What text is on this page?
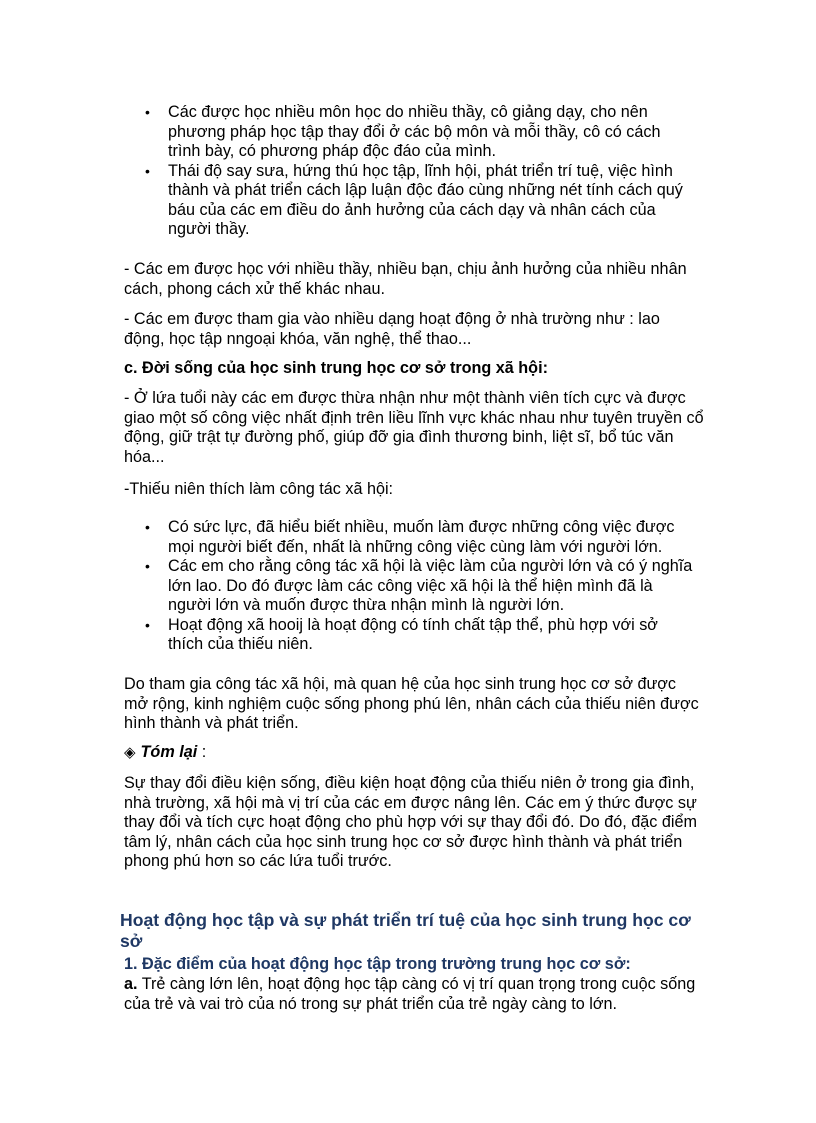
• Các được học nhiều môn học do nhiều thầy, cô giảng dạy, cho nên phương pháp học tập thay đổi ở các bộ môn và mỗi thầy, cô có cách trình bày, có phương pháp độc đáo của mình.
• Thái độ say sưa, hứng thú học tập, lĩnh hội, phát triển trí tuệ, việc hình thành và phát triển cách lập luận độc đáo cùng những nét tính cách quý báu của các em điều do ảnh hưởng của cách dạy và nhân cách của người thầy.
- Các em được học với nhiều thầy, nhiều bạn, chịu ảnh hưởng của nhiều nhân cách, phong cách xử thế khác nhau.
- Các em được tham gia vào nhiều dạng hoạt động ở nhà trường như : lao động, học tập nngoại khóa, văn nghệ, thể thao...
c. Đời sống của học sinh trung học cơ sở trong xã hội:
- Ở lứa tuổi này các em được thừa nhận như một thành viên tích cực và được giao một số công việc nhất định trên liều lĩnh vực khác nhau như tuyên truyền cổ động, giữ trật tự đường phố, giúp đỡ gia đình thương binh, liệt sĩ, bổ túc văn hóa...
-Thiếu niên thích làm công tác xã hội:
• Có sức lực, đã hiểu biết nhiều, muốn làm được những công việc được mọi người biết đến, nhất là những công việc cùng làm với người lớn.
• Các em cho rằng công tác xã hội là việc làm của người lớn và có ý nghĩa lớn lao. Do đó được làm các công việc xã hội là thể hiện mình đã là người lớn và muốn được thừa nhận mình là người lớn.
• Hoạt động xã hooij là hoạt động có tính chất tập thể, phù hợp với sở thích của thiếu niên.
Do tham gia công tác xã hội, mà quan hệ của học sinh trung học cơ sở được mở rộng, kinh nghiệm cuộc sống phong phú lên, nhân cách của thiếu niên được hình thành và phát triển.
◈ Tóm lại :
Sự thay đổi điều kiện sống, điều kiện hoạt động của thiếu niên ở trong gia đình, nhà trường, xã hội mà vị trí của các em được nâng lên. Các em ý thức được sự thay đổi và tích cực hoạt động cho phù hợp với sự thay đổi đó. Do đó, đặc điểm tâm lý, nhân cách của học sinh trung học cơ sở được hình thành và phát triển phong phú hơn so các lứa tuổi trước.
Hoạt động học tập và sự phát triển trí tuệ của học sinh trung học cơ sở
1. Đặc điểm của hoạt động học tập trong trường trung học cơ sở:
a. Trẻ càng lớn lên, hoạt động học tập càng có vị trí quan trọng trong cuộc sống của trẻ và vai trò của nó trong sự phát triển của trẻ ngày càng to lớn.
